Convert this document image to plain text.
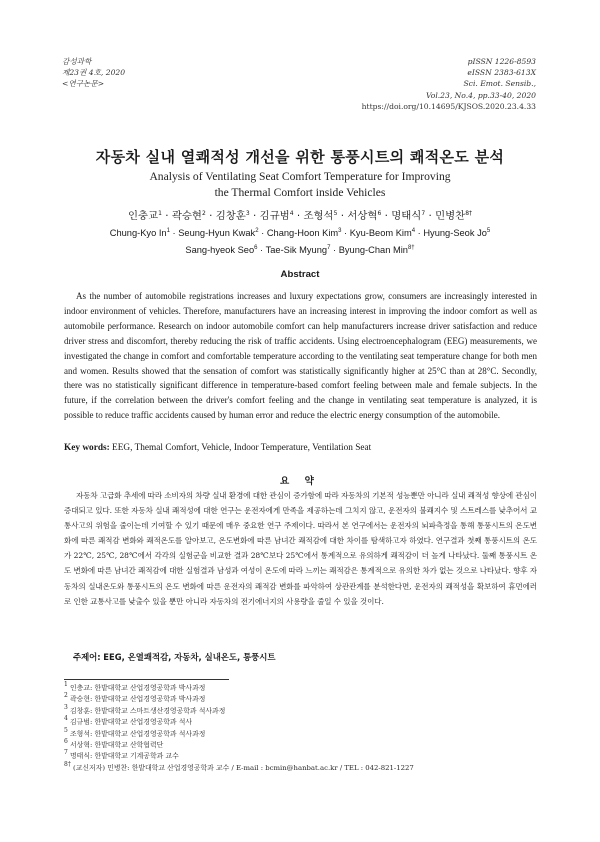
감성과학
제23권 4호, 2020
<연구논문>
pISSN 1226-8593
eISSN 2383-613X
Sci. Emot. Sensib.,
Vol.23, No.4, pp.33-40, 2020
https://doi.org/10.14695/KJSOS.2020.23.4.33
자동차 실내 열쾌적성 개선을 위한 통풍시트의 쾌적온도 분석
Analysis of Ventilating Seat Comfort Temperature for Improving
the Thermal Comfort inside Vehicles
인충교$^1$ · 곽승현$^2$ · 김창훈$^3$ · 김규범$^4$ · 조형석$^5$ · 서상혁$^6$ · 명태식$^7$ · 민병찬$^{8\dagger}$
Chung-Kyo $In^1$ · Seung-Hyun Kwak$^2$ · Chang-Hoon Kim$^3$ · Kyu-Beom Kim$^4$ · Hyung-Seok Jo$^5$
Sang-hyeok Seo$^6$ · Tae-Sik Myung$^7$ · Byung-Chan Min$^{8\dagger}$
Abstract
As the number of automobile registrations increases and luxury expectations grow, consumers are increasingly interested in indoor environment of vehicles. Therefore, manufacturers have an increasing interest in improving the indoor comfort as well as automobile performance. Research on indoor automobile comfort can help manufacturers increase driver satisfaction and reduce driver stress and discomfort, thereby reducing the risk of traffic accidents. Using electroencephalogram (EEG) measurements, we investigated the change in comfort and comfortable temperature according to the ventilating seat temperature change for both men and women. Results showed that the sensation of comfort was statistically significantly higher at 25°C than at 28°C. Secondly, there was no statistically significant difference in temperature-based comfort feeling between male and female subjects. In the future, if the correlation between the driver's comfort feeling and the change in ventilating seat temperature is analyzed, it is possible to reduce traffic accidents caused by human error and reduce the electric energy consumption of the automobile.
Key words: EEG, Themal Comfort, Vehicle, Indoor Temperature, Ventilation Seat
요 약
자동차 고급화 추세에 따라 소비자의 차량 실내 환경에 대한 관심이 증가함에 따라 자동차의 기본적 성능뿐만 아니라 실내 쾌적성 향상에 관심이 증대되고 있다. 또한 자동차 실내 쾌적성에 대한 연구는 운전자에게 만족을 제공하는데 그치지 않고, 운전자의 불쾌지수 및 스트레스를 낮추어서 교통사고의 위험을 줄이는데 기여할 수 있기 때문에 매우 중요한 연구 주제이다. 따라서 본 연구에서는 운전자의 뇌파측정을 통해 통풍시트의 온도변화에 따른 쾌적감 변화와 쾌적온도를 알아보고, 온도변화에 따른 남녀간 쾌적감에 대한 차이를 탐색하고자 하였다. 연구결과 첫째 통풍시트의 온도가 22℃, 25℃, 28℃에서 각각의 실험군을 비교한 결과 28℃보다 25℃에서 통계적으로 유의하게 쾌적감이 더 높게 나타났다. 둘째 통풍시트 온도 변화에 따른 남녀간 쾌적감에 대한 실험결과 남성과 여성이 온도에 따라 느끼는 쾌적감은 통계적으로 유의한 차가 없는 것으로 나타났다. 향후 자동차의 실내온도와 통풍시트의 온도 변화에 따른 운전자의 쾌적감 변화를 파악하여 상관관계를 분석한다면, 운전자의 쾌적성을 확보하여 휴먼에러로 인한 교통사고를 낮출수 있을 뿐만 아니라 자동차의 전기에너지의 사용량을 줄일 수 있을 것이다.
주제어: EEG, 온열쾌적감, 자동차, 실내온도, 통풍시트
$^1$ 인충교: 한밭대학교 산업경영공학과 박사과정
$^2$ 곽승현: 한밭대학교 산업경영공학과 박사과정
$^3$ 김창훈: 한밭대학교 스마트생산경영공학과 석사과정
$^4$ 김규범: 한밭대학교 산업경영공학과 석사
$^5$ 조형석: 한밭대학교 산업경영공학과 석사과정
$^6$ 서상혁: 한밭대학교 산학협력단
$^7$ 명태식: 한밭대학교 기계공학과 교수
$^{8\dagger}$ (교신저자) 민병찬: 한밭대학교 산업경영공학과 교수 / E-mail : bcmin@hanbat.ac.kr / TEL : 042-821-1227
